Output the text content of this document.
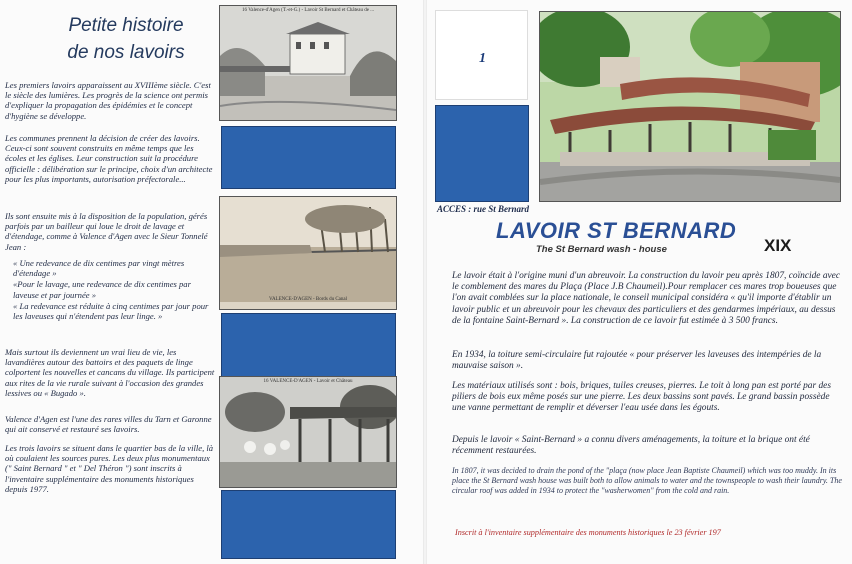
Petite histoire
de nos lavoirs
Les premiers lavoirs apparaissent au XVIIIème siècle. C'est le siècle des lumières. Les progrès de la science ont permis d'expliquer la propagation des épidémies et le concept d'hygiène se développe.
Les communes prennent la décision de créer des lavoirs. Ceux-ci sont souvent construits en même temps que les écoles et les églises. Leur construction suit la procédure officielle : délibération sur le principe, choix d'un architecte pour les plus importants, autorisation préfectorale...
Ils sont ensuite mis à la disposition de la population, gérés parfois par un bailleur qui loue le droit de lavage et d'étendage, comme à Valence d'Agen avec le Sieur Tonnelé Jean :

« Une redevance de dix centimes par vingt mètres d'étendage »

«Pour le lavage, une redevance de dix centimes par laveuse et par journée »

« La redevance est réduite à cinq centimes par jour pour les laveuses qui n'étendent pas leur linge. »

Mais surtout ils deviennent un vrai lieu de vie, les lavandières autour des battoirs et des paquets de linge colportent les nouvelles et cancans du village. Ils participent aux rites de la vie rurale suivant à l'occasion des grandes lessives ou « Bugado ».
Valence d'Agen est l'une des rares villes du Tarn et Garonne qui ait conservé et restauré ses lavoirs.
Les trois lavoirs se situent dans le quartier bas de la ville, là où coulaient les sources pures. Les deux plus monumentaux (" Saint Bernard " et " Del Théron ") sont inscrits à l'inventaire supplémentaire des monuments historiques depuis 1977.
16 Valence-d'Agen (T.-et-G.) - Lavoir St Bernard et Château de ...
VALENCE-D'AGEN - Bords du Canal
16 VALENCE-D'AGEN - Lavoir et Château
1
ACCES : rue St Bernard
LAVOIR ST BERNARD
XIX
The St Bernard wash - house
Le lavoir était à l'origine muni d'un abreuvoir. La construction du lavoir peu après 1807, coïncide avec le comblement des mares du Plaça (Place J.B Chaumeil).Pour remplacer ces mares trop boueuses que l'on avait comblées sur la place nationale, le conseil municipal considéra « qu'il importe d'établir un lavoir public et un abreuvoir pour les chevaux des particuliers et des gendarmes impériaux, au dessus de la fontaine Saint-Bernard ». La construction de ce lavoir fut estimée à 3 500 francs.
En 1934, la toiture semi-circulaire fut rajoutée « pour préserver les laveuses des intempéries de la mauvaise saison ».
Les matériaux utilisés sont : bois, briques, tuiles creuses, pierres. Le toit à long pan est porté par des piliers de bois eux même posés sur une pierre. Les deux bassins sont pavés. Le grand bassin possède une vanne permettant de remplir et déverser l'eau usée dans les égouts.
Depuis le lavoir « Saint-Bernard » a connu divers aménagements, la toiture et la brique ont été récemment restaurées.
In 1807, it was decided to drain the pond of the "plaça (now place Jean Baptiste Chaumeil) which was too muddy. In its place the St Bernard wash house was built both to allow animals to water and the townspeople to wash their laundry. The circular roof was added in 1934 to protect the "washerwomen" from the cold and rain.
Inscrit à l'inventaire supplémentaire des monuments historiques le 23 février 197
